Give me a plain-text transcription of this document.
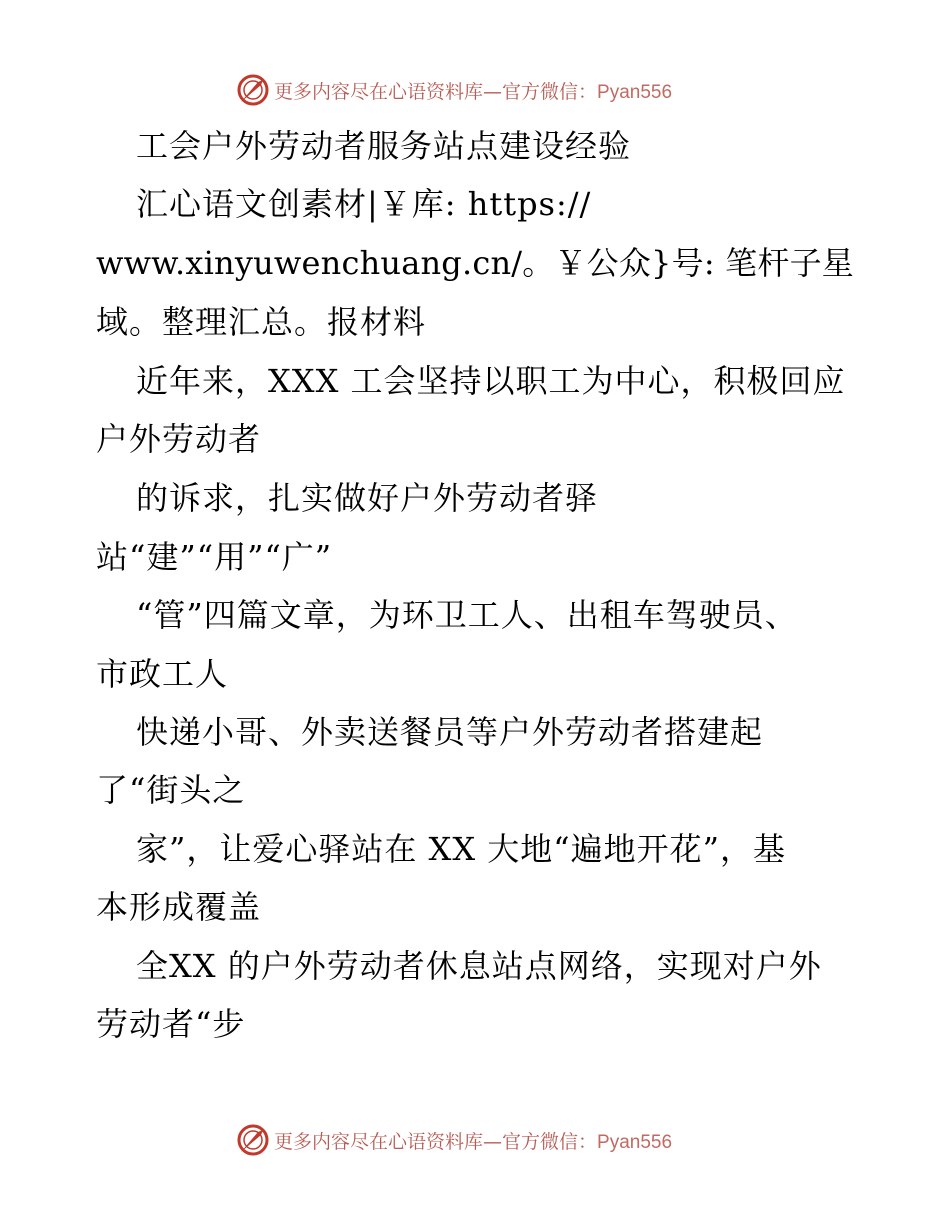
更多内容尽在心语资料库—官方微信：Pyan556
工会户外劳动者服务站点建设经验
汇心语文创素材|￥库: https://
www.xinyuwenchuang.cn/。￥公众}号: 笔杆子星
域。整理汇总。报材料
近年来，XXX 工会坚持以职工为中心，积极回应
户外劳动者
的诉求，扎实做好户外劳动者驿
站“建”“用”“广”
“管”四篇文章，为环卫工人、出租车驾驶员、
市政工人
快递小哥、外卖送餐员等户外劳动者搭建起
了“街头之
家”，让爱心驿站在 XX 大地“遍地开花”，基
本形成覆盖
全XX 的户外劳动者休息站点网络，实现对户外
劳动者“步
更多内容尽在心语资料库—官方微信：Pyan556
